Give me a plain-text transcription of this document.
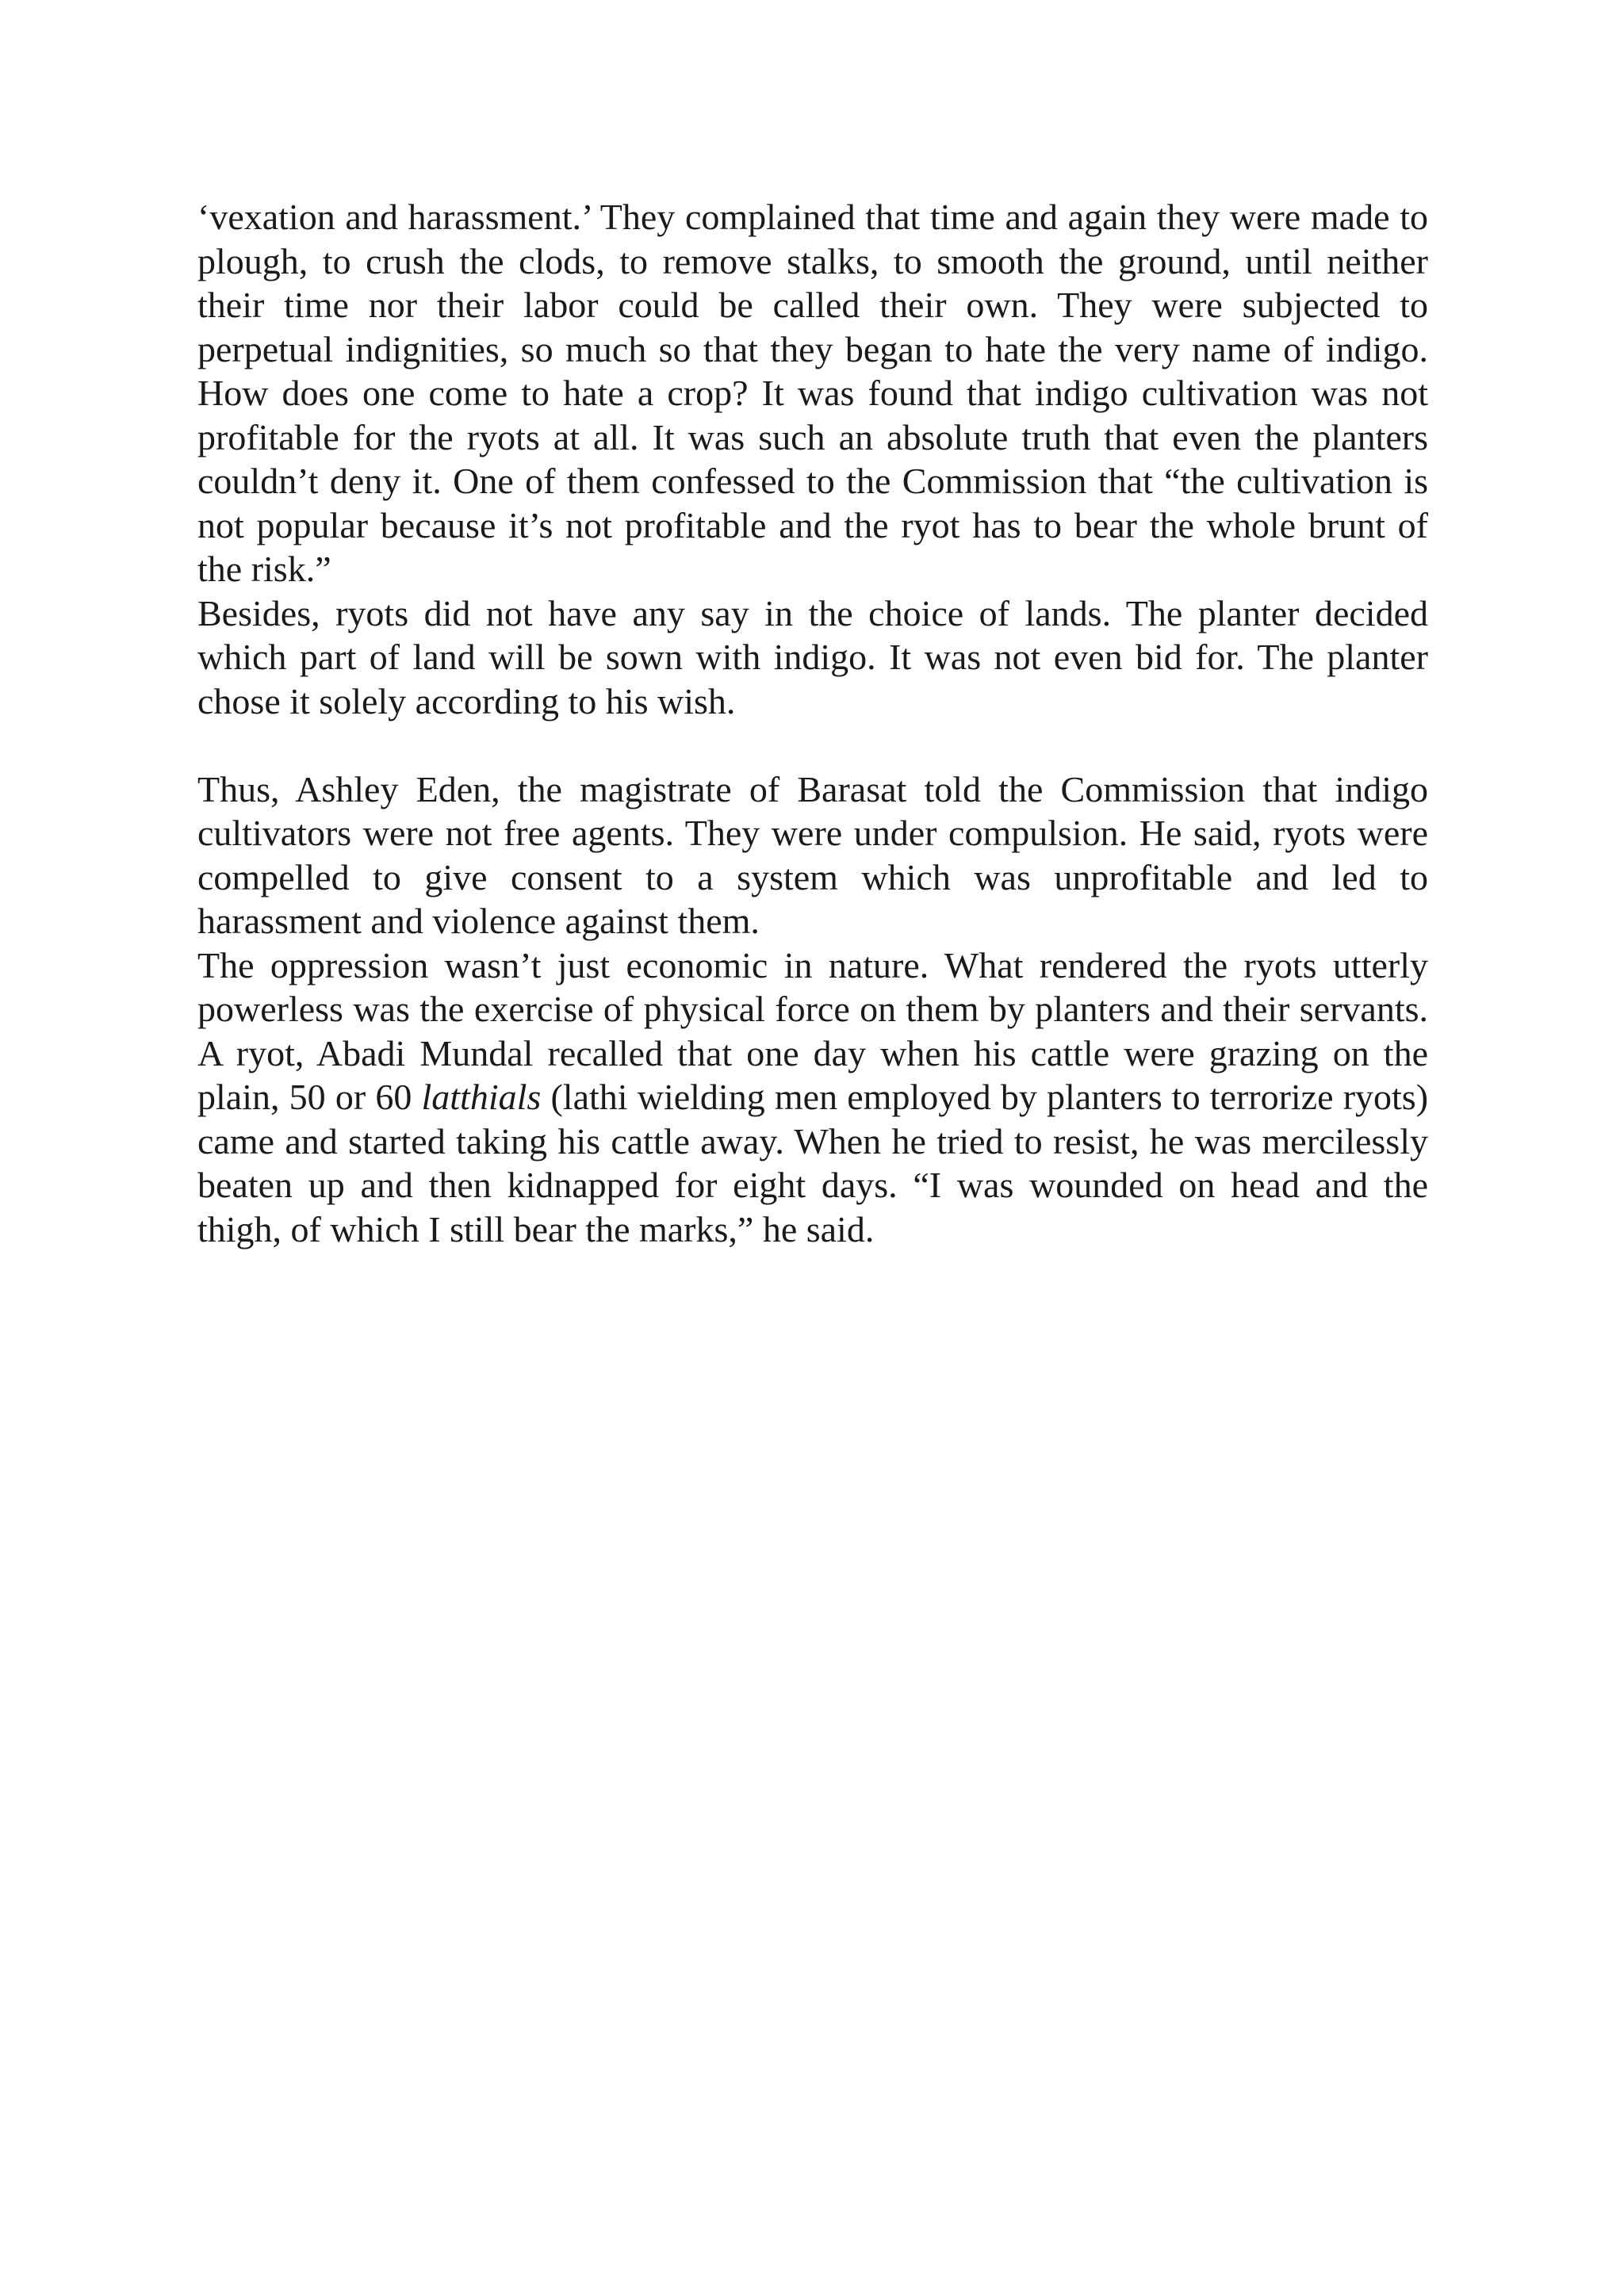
‘vexation and harassment.’ They complained that time and again they were made to plough, to crush the clods, to remove stalks, to smooth the ground, until neither their time nor their labor could be called their own. They were subjected to perpetual indignities, so much so that they began to hate the very name of indigo. How does one come to hate a crop? It was found that indigo cultivation was not profitable for the ryots at all. It was such an absolute truth that even the planters couldn’t deny it. One of them confessed to the Commission that “the cultivation is not popular because it’s not profitable and the ryot has to bear the whole brunt of the risk.”

Besides, ryots did not have any say in the choice of lands. The planter decided which part of land will be sown with indigo. It was not even bid for. The planter chose it solely according to his wish.

Thus, Ashley Eden, the magistrate of Barasat told the Commission that indigo cultivators were not free agents. They were under compulsion. He said, ryots were compelled to give consent to a system which was unprofitable and led to harassment and violence against them.

The oppression wasn’t just economic in nature. What rendered the ryots utterly powerless was the exercise of physical force on them by planters and their servants. A ryot, Abadi Mundal recalled that one day when his cattle were grazing on the plain, 50 or 60 latthials (lathi wielding men employed by planters to terrorize ryots) came and started taking his cattle away. When he tried to resist, he was mercilessly beaten up and then kidnapped for eight days. “I was wounded on head and the thigh, of which I still bear the marks,” he said.
